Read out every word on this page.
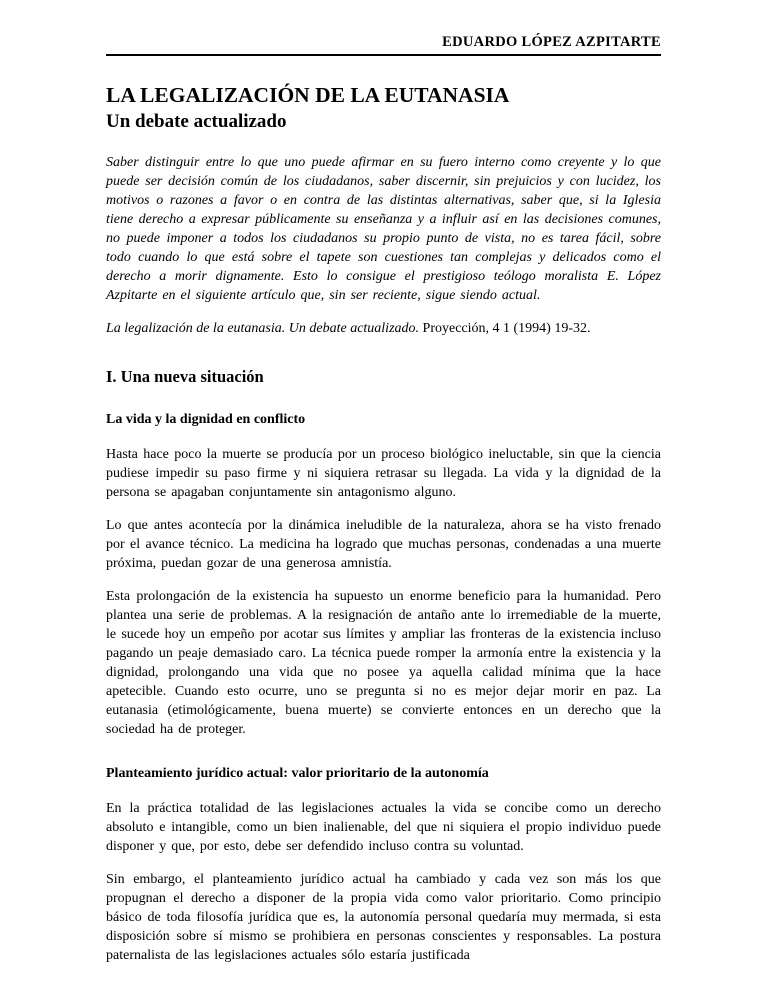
EDUARDO LÓPEZ AZPITARTE
LA LEGALIZACIÓN DE LA EUTANASIA
Un debate actualizado

Saber distinguir entre lo que uno puede afirmar en su fuero interno como creyente y lo que puede ser decisión común de los ciudadanos, saber discernir, sin prejuicios y con lucidez, los motivos o razones a favor o en contra de las distintas alternativas, saber que, si la Iglesia tiene derecho a expresar públicamente su enseñanza y a influir así en las decisiones comunes, no puede imponer a todos los ciudadanos su propio punto de vista, no es tarea fácil, sobre todo cuando lo que está sobre el tapete son cuestiones tan complejas y delicados como el derecho a morir dignamente. Esto lo consigue el prestigioso teólogo moralista E. López Azpitarte en el siguiente artículo que, sin ser reciente, sigue siendo actual.

La legalización de la eutanasia. Un debate actualizado. Proyección, 4 1 (1994) 19-32.

I. Una nueva situación
La vida y la dignidad en conflicto

Hasta hace poco la muerte se producía por un proceso biológico ineluctable, sin que la ciencia pudiese impedir su paso firme y ni siquiera retrasar su llegada. La vida y la dignidad de la persona se apagaban conjuntamente sin antagonismo alguno.

Lo que antes acontecía por la dinámica ineludible de la naturaleza, ahora se ha visto frenado por el avance técnico. La medicina ha logrado que muchas personas, condenadas a una muerte próxima, puedan gozar de una generosa amnistía.

Esta prolongación de la existencia ha supuesto un enorme beneficio para la humanidad. Pero plantea una serie de problemas. A la resignación de antaño ante lo irremediable de la muerte, le sucede hoy un empeño por acotar sus límites y ampliar las fronteras de la existencia incluso pagando un peaje demasiado caro. La técnica puede romper la armonía entre la existencia y la dignidad, prolongando una vida que no posee ya aquella calidad mínima que la hace apetecible. Cuando esto ocurre, uno se pregunta si no es mejor dejar morir en paz. La eutanasia (etimológicamente, buena muerte) se convierte entonces en un derecho que la sociedad ha de proteger.

Planteamiento jurídico actual: valor prioritario de la autonomía

En la práctica totalidad de las legislaciones actuales la vida se concibe como un derecho absoluto e intangible, como un bien inalienable, del que ni siquiera el propio individuo puede disponer y que, por esto, debe ser defendido incluso contra su voluntad.

Sin embargo, el planteamiento jurídico actual ha cambiado y cada vez son más los que propugnan el derecho a disponer de la propia vida como valor prioritario. Como principio básico de toda filosofía jurídica que es, la autonomía personal quedaría muy mermada, si esta disposición sobre sí mismo se prohibiera en personas conscientes y responsables. La postura paternalista de las legislaciones actuales sólo estaría justificada
